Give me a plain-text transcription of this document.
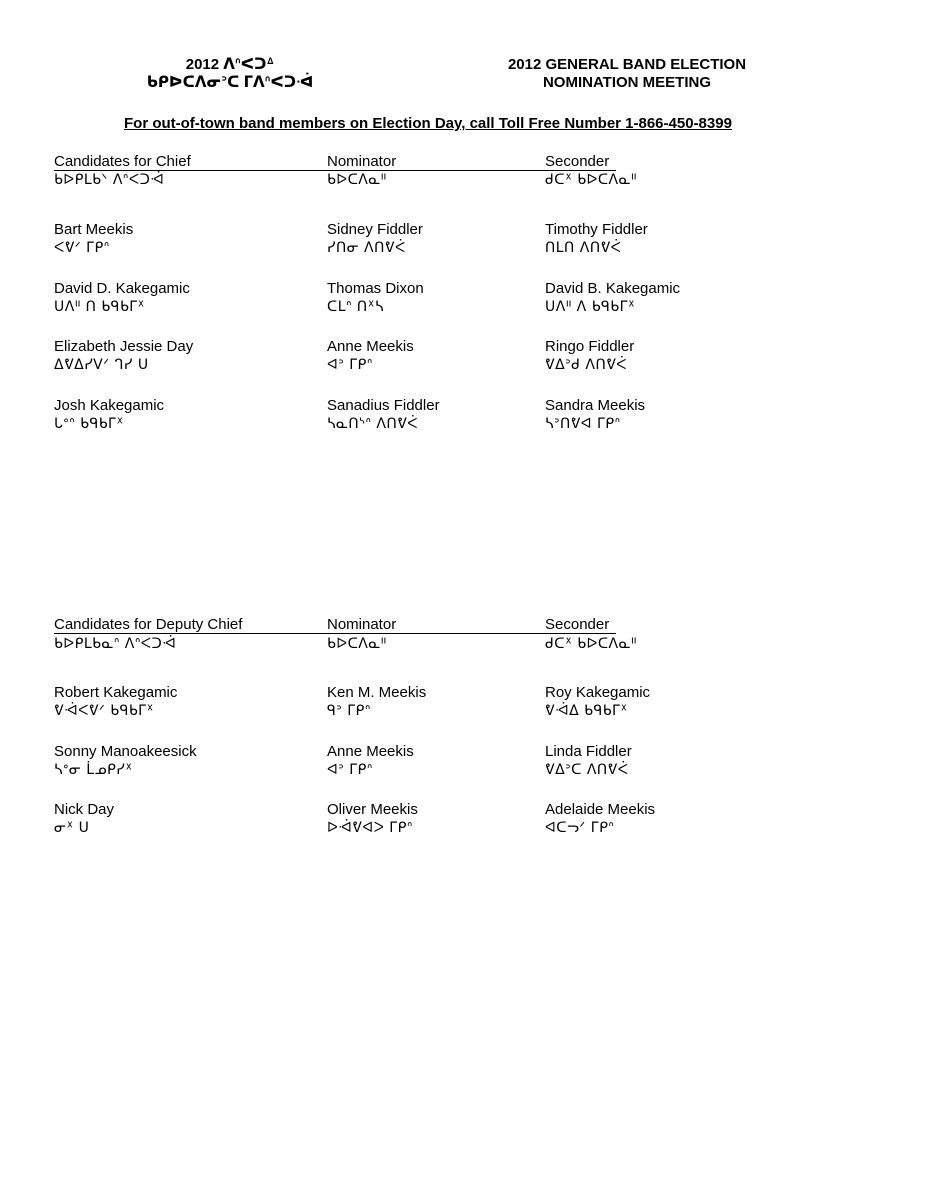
2012 ᐱᐢᐸᑐᐞ
ᑲᑭᐅᑕᐱᓂᐣᑕ ᒥᐱᐢᐸᑐᐙ
2012 GENERAL BAND ELECTION
NOMINATION MEETING
For out-of-town band members on Election Day, call Toll Free Number 1-866-450-8399
Candidates for Chief
ᑲᐅᑭᒪᑲᐠ ᐱᐢᐸᑐᐙ
Nominator
ᑲᐅᑕᐱᓇᐦ
Seconder
ᑯᑕᕽ ᑲᐅᑕᐱᓇᐦ
Bart Meekis
ᐸᕓᐟ ᒥᑭᐢ
Sidney Fiddler
ᓯᑎᓂ ᐱᑎᕓᐹ
Timothy Fiddler
ᑎᒪᑎ ᐱᑎᕓᐹ
David D. Kakegamic
ᑌᐱᐦ ᑎ ᑲᑫᑲᒥᕽ
Thomas Dixon
ᑕᒪᐢ ᑎᕽᓴ
David B. Kakegamic
ᑌᐱᐦ ᐱ ᑲᑫᑲᒥᕽ
Elizabeth Jessie Day
ᐃᕓᐃᓯᐯᐟ ᒉᓯ ᑌ
Anne Meekis
ᐊᐣ ᒥᑭᐢ
Ringo Fiddler
ᕓᐃᐣᑯ ᐱᑎᕓᐹ
Josh Kakegamic
ᒐᐤᐢ ᑲᑫᑲᒥᕽ
Sanadius Fiddler
ᓴᓇᑎᔅᐢ ᐱᑎᕓᐹ
Sandra Meekis
ᓴᐣᑎᕓᐊ ᒥᑭᐢ
Candidates for Deputy Chief
ᑲᐅᑭᒪᑲᓇᐢ ᐱᐢᐸᑐᐙ
Nominator
ᑲᐅᑕᐱᓇᐦ
Seconder
ᑯᑕᕽ ᑲᐅᑕᐱᓇᐦ
Robert Kakegamic
ᕓᐙᐸᕓᐟ ᑲᑫᑲᒥᕽ
Ken M. Meekis
ᑫᐣ ᒥᑭᐢ
Roy Kakegamic
ᕓᐙᐃ ᑲᑫᑲᒥᕽ
Sonny Manoakeesick
ᓴᐤᓂ ᒫᓄᑭᓯᕽ
Anne Meekis
ᐊᐣ ᒥᑭᐢ
Linda Fiddler
ᕓᐃᐣᑕ ᐱᑎᕓᐹ
Nick Day
ᓂᕽ ᑌ
Oliver Meekis
ᐅᐙᕓᐊᐳ ᒥᑭᐢ
Adelaide Meekis
ᐊᑕᓓᐟ ᒥᑭᐢ
